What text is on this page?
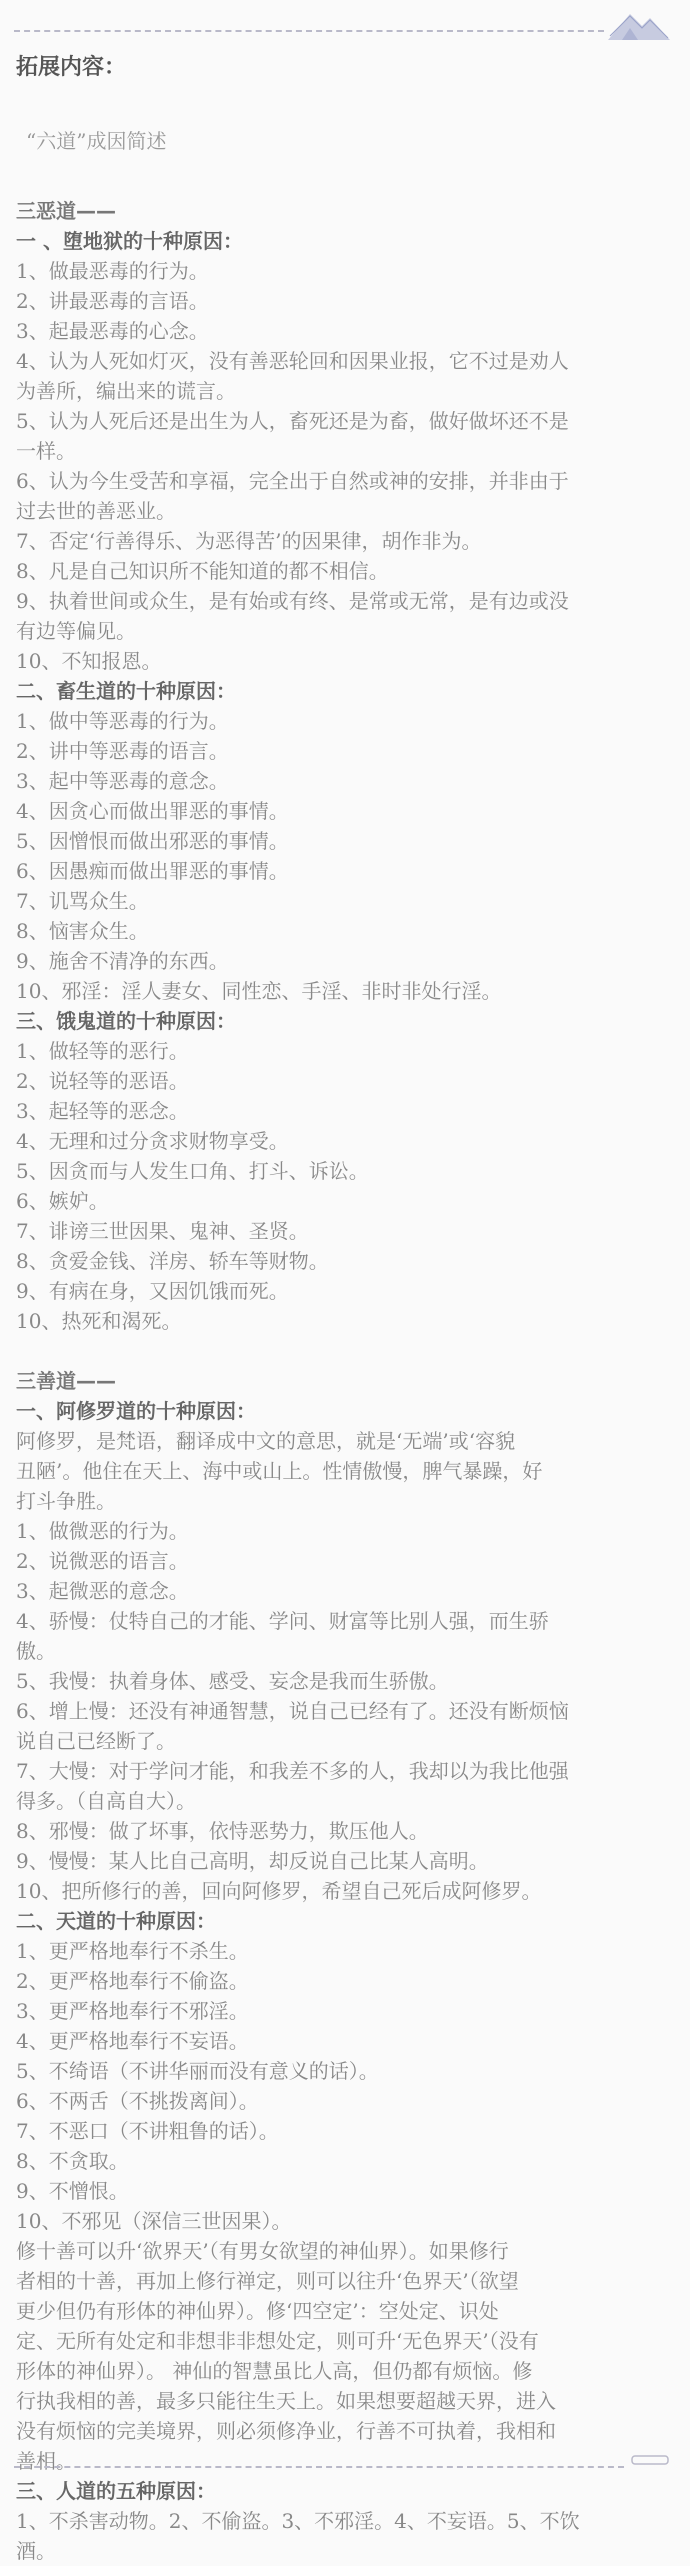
拓展内容：
“六道”成因简述
三恶道——
一 、堕地狱的十种原因：
1、做最恶毒的行为。
2、讲最恶毒的言语。
3、起最恶毒的心念。
4、认为人死如灯灭，没有善恶轮回和因果业报，它不过是劝人
为善所，编出来的谎言。
5、认为人死后还是出生为人，畜死还是为畜，做好做坏还不是
一样。
6、认为今生受苦和享福，完全出于自然或神的安排，并非由于
过去世的善恶业。
7、否定‘行善得乐、为恶得苦’的因果律，胡作非为。
8、凡是自己知识所不能知道的都不相信。
9、执着世间或众生，是有始或有终、是常或无常，是有边或没
有边等偏见。
10、不知报恩。
二、畜生道的十种原因：
1、做中等恶毒的行为。
2、讲中等恶毒的语言。
3、起中等恶毒的意念。
4、因贪心而做出罪恶的事情。
5、因憎恨而做出邪恶的事情。
6、因愚痴而做出罪恶的事情。
7、讥骂众生。
8、恼害众生。
9、施舍不清净的东西。
10、邪淫：淫人妻女、同性恋、手淫、非时非处行淫。
三、饿鬼道的十种原因：
1、做轻等的恶行。
2、说轻等的恶语。
3、起轻等的恶念。
4、无理和过分贪求财物享受。
5、因贪而与人发生口角、打斗、诉讼。
6、嫉妒。
7、诽谤三世因果、鬼神、圣贤。
8、贪爱金钱、洋房、轿车等财物。
9、有病在身，又因饥饿而死。
10、热死和渴死。
三善道——
一、阿修罗道的十种原因：
阿修罗，是梵语，翻译成中文的意思，就是‘无端’或‘容貌
丑陋’。他住在天上、海中或山上。性情傲慢，脾气暴躁，好
打斗争胜。
1、做微恶的行为。
2、说微恶的语言。
3、起微恶的意念。
4、骄慢：仗特自己的才能、学问、财富等比别人强，而生骄
傲。
5、我慢：执着身体、感受、妄念是我而生骄傲。
6、增上慢：还没有神通智慧，说自己已经有了。还没有断烦恼
说自己已经断了。
7、大慢：对于学问才能，和我差不多的人，我却以为我比他强
得多。（自高自大）。
8、邪慢：做了坏事，依恃恶势力，欺压他人。
9、慢慢：某人比自己高明，却反说自己比某人高明。
10、把所修行的善，回向阿修罗，希望自己死后成阿修罗。
二、天道的十种原因：
1、更严格地奉行不杀生。
2、更严格地奉行不偷盗。
3、更严格地奉行不邪淫。
4、更严格地奉行不妄语。
5、不绮语（不讲华丽而没有意义的话）。
6、不两舌（不挑拨离间）。
7、不恶口（不讲粗鲁的话）。
8、不贪取。
9、不憎恨。
10、不邪见（深信三世因果）。
修十善可以升‘欲界天’（有男女欲望的神仙界）。如果修行
者相的十善，再加上修行禅定，则可以往升‘色界天’（欲望
更少但仍有形体的神仙界）。修‘四空定’：空处定、识处
定、无所有处定和非想非非想处定，则可升‘无色界天’（没有
形体的神仙界）。 神仙的智慧虽比人高，但仍都有烦恼。修
行执我相的善，最多只能往生天上。如果想要超越天界，进入
没有烦恼的完美境界，则必须修净业，行善不可执着，我相和
善相。
三、人道的五种原因：
1、不杀害动物。2、不偷盗。3、不邪淫。4、不妄语。5、不饮
酒。
